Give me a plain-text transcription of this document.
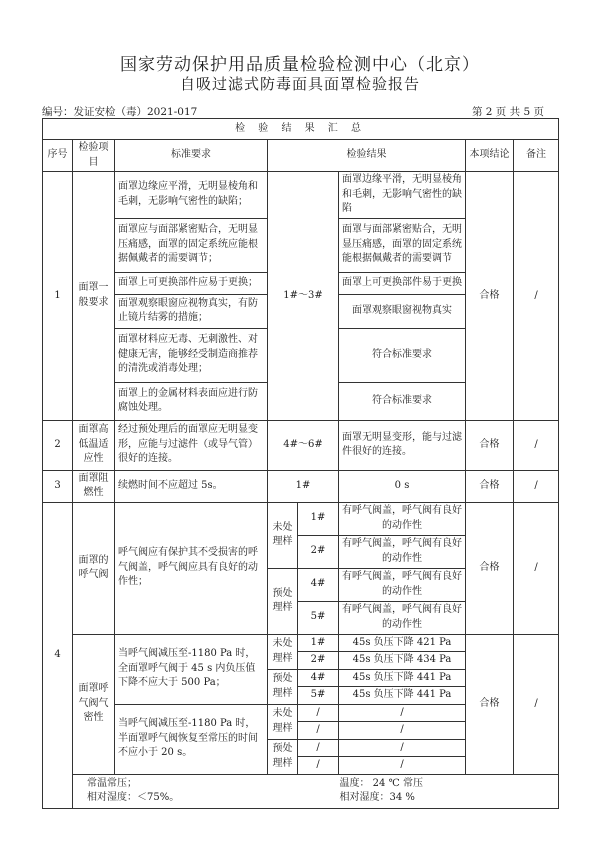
国家劳动保护用品质量检验检测中心（北京）
自吸过滤式防毒面具面罩检验报告
编号：发证安检（毒）2021-017	第 2 页 共 5 页
检 验 结 果 汇 总							
序号	检验项目	标准要求	检验结果			本项结论	备注
1	面罩一般要求	面罩边缘应平滑，无明显棱角和毛刺，无影响气密性的缺陷；	1#～3#		面罩边缘平滑，无明显棱角和毛刺，无影响气密性的缺陷	合格	/
		面罩应与面部紧密贴合，无明显压痛感，面罩的固定系统应能根据佩戴者的需要调节；			面罩与面部紧密贴合，无明显压痛感，面罩的固定系统能根据佩戴者的需要调节		
		面罩上可更换部件应易于更换；			面罩上可更换部件易于更换		
		面罩观察眼窗应视物真实，有防止镜片结雾的措施；			面罩观察眼窗视物真实		
		面罩材料应无毒、无刺激性、对健康无害，能够经受制造商推荐的清洗或消毒处理；			符合标准要求		
		面罩上的金属材料表面应进行防腐蚀处理。			符合标准要求		
2	面罩高低温适应性	经过预处理后的面罩应无明显变形，应能与过滤件（或导气管）很好的连接。	4#～6#		面罩无明显变形，能与过滤件很好的连接。	合格	/
3	面罩阻燃性	续燃时间不应超过 5s。	1#		0 s	合格	/
4	面罩的呼气阀	呼气阀应有保护其不受损害的呼气阀盖，呼气阀应具有良好的动作性；	未处理样	1#	有呼气阀盖，呼气阀有良好的动作性	合格	/
				2#	有呼气阀盖，呼气阀有良好的动作性		
			预处理样	4#	有呼气阀盖，呼气阀有良好的动作性		
				5#	有呼气阀盖，呼气阀有良好的动作性		
	面罩呼气阀气密性	当呼气阀减压至-1180 Pa 时，全面罩呼气阀于 45 s 内负压值下降不应大于 500 Pa；	未处理样	1#	45s 负压下降 421 Pa	合格	/
				2#	45s 负压下降 434 Pa		
			预处理样	4#	45s 负压下降 441 Pa		
				5#	45s 负压下降 441 Pa		
		当呼气阀减压至-1180 Pa 时，半面罩呼气阀恢复至常压的时间不应小于 20 s。	未处理样	/	/		
				/	/		
			预处理样	/	/		
				/	/		
	常温常压；
相对湿度：＜75%。		温度： 24 ℃ 常压
相对湿度：34 %				
